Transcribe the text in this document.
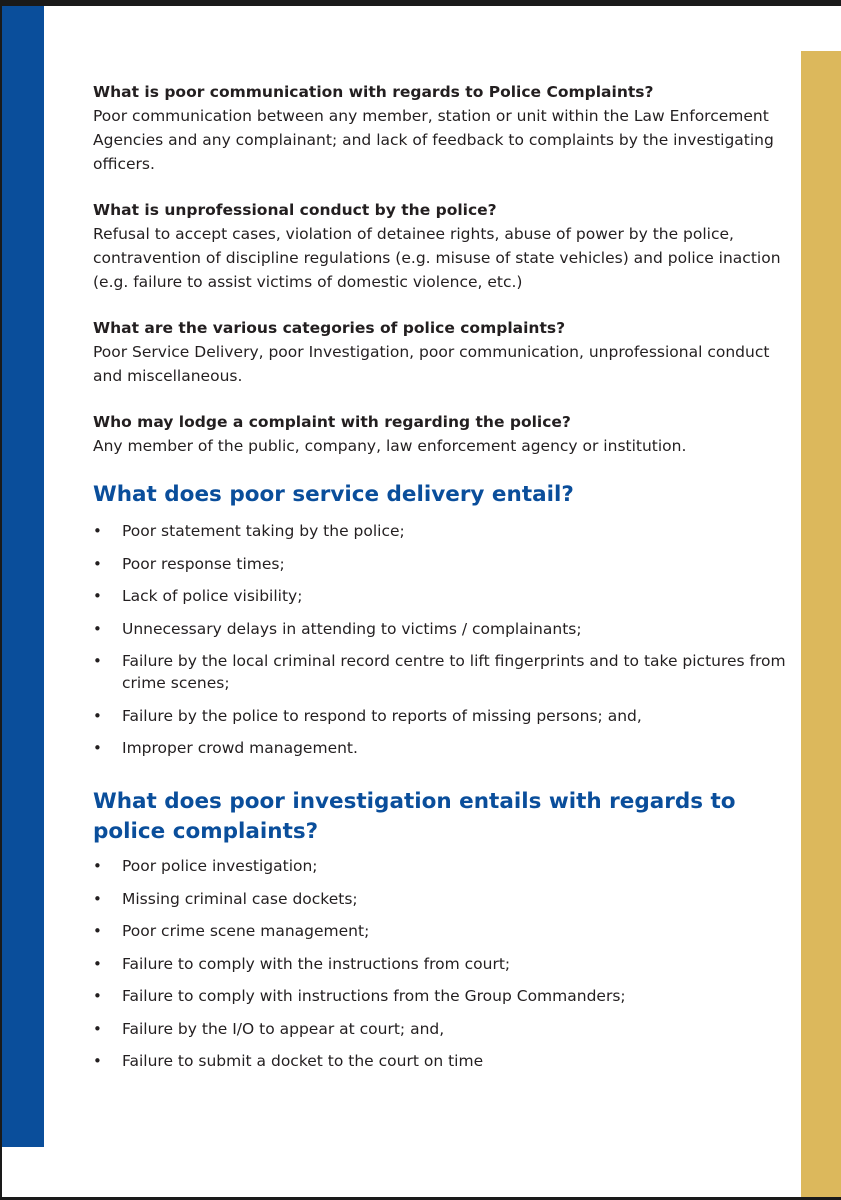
What is poor communication with regards to Police Complaints?

Poor communication between any member, station or unit within the Law Enforcement Agencies and any complainant; and lack of feedback to complaints by the investigating officers.

What is unprofessional conduct by the police?

Refusal to accept cases, violation of detainee rights, abuse of power by the police, contravention of discipline regulations (e.g. misuse of state vehicles) and police inaction (e.g. failure to assist victims of domestic violence, etc.)

What are the various categories of police complaints?

Poor Service Delivery, poor Investigation, poor communication, unprofessional conduct and miscellaneous.

Who may lodge a complaint with regarding the police?

Any member of the public, company, law enforcement agency or institution.

What does poor service delivery entail?
• Poor statement taking by the police;
• Poor response times;
• Lack of police visibility;
• Unnecessary delays in attending to victims / complainants;
• Failure by the local criminal record centre to lift fingerprints and to take pictures from crime scenes;
• Failure by the police to respond to reports of missing persons; and,
• Improper crowd management.
What does poor investigation entails with regards to police complaints?
• Poor police investigation;
• Missing criminal case dockets;
• Poor crime scene management;
• Failure to comply with the instructions from court;
• Failure to comply with instructions from the Group Commanders;
• Failure by the I/O to appear at court; and,
• Failure to submit a docket to the court on time
